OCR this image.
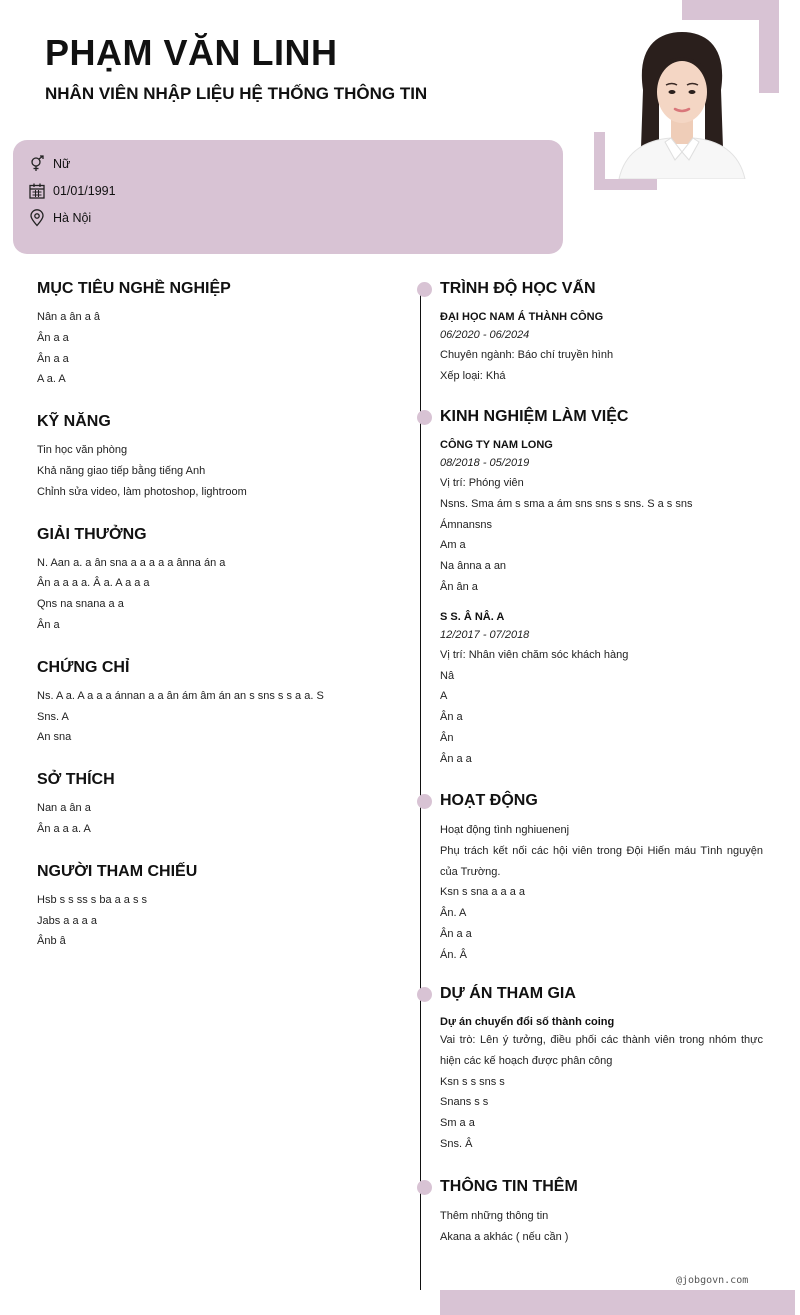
PHẠM VĂN LINH
NHÂN VIÊN NHẬP LIỆU HỆ THỐNG THÔNG TIN
Nữ
01/01/1991
Hà Nội
MỤC TIÊU NGHỀ NGHIỆP
Nân a ân a â
Ân a a
Ân a a
A a. A
KỸ NĂNG
Tin học văn phòng
Khả năng giao tiếp bằng tiếng Anh
Chỉnh sửa video, làm photoshop, lightroom
GIẢI THƯỞNG
N. Aan a. a ân sna a a a a a ânna án a
Ân a a a a. Â a. A a a a
Qns na snana a a
Ân a
CHỨNG CHỈ
Ns. A a. A a a a ánnan a a ân ám âm án an s sns s s a a. S
Sns. A
An sna
SỞ THÍCH
Nan a ân a
Ân a a a. A
NGƯỜI THAM CHIẾU
Hsb s s ss s ba a a s s
Jabs a a a a
Ânb â
TRÌNH ĐỘ HỌC VẤN
ĐẠI HỌC NAM Á THÀNH CÔNG
06/2020 - 06/2024
Chuyên ngành: Báo chí truyền hình
Xếp loại: Khá
KINH NGHIỆM LÀM VIỆC
CÔNG TY NAM LONG
08/2018 - 05/2019
Vị trí: Phóng viên
Nsns. Sma ám s sma a ám sns sns s sns. S a s sns
Ámnansns
Am a
Na ânna a an
Ân ân a
S S. Â NÂ. A
12/2017 - 07/2018
Vị trí: Nhân viên chăm sóc khách hàng
Nâ
A
Ân a
Ân
Ân a a
HOẠT ĐỘNG
Hoạt động tình nghiuenenj
Phụ trách kết nối các hội viên trong Đội Hiến máu Tình nguyện của Trường.
Ksn s sna a a a a
Ân. A
Ân a a
Án. Â
DỰ ÁN THAM GIA
Dự án chuyển đổi số thành coing
Vai trò: Lên ý tưởng, điều phối các thành viên trong nhóm thực hiện các kế hoạch được phân công
Ksn s s sns s
Snans s s
Sm a a
Sns. Â
THÔNG TIN THÊM
Thêm những thông tin
Akana a akhác ( nếu cần )
@jobgovn.com
